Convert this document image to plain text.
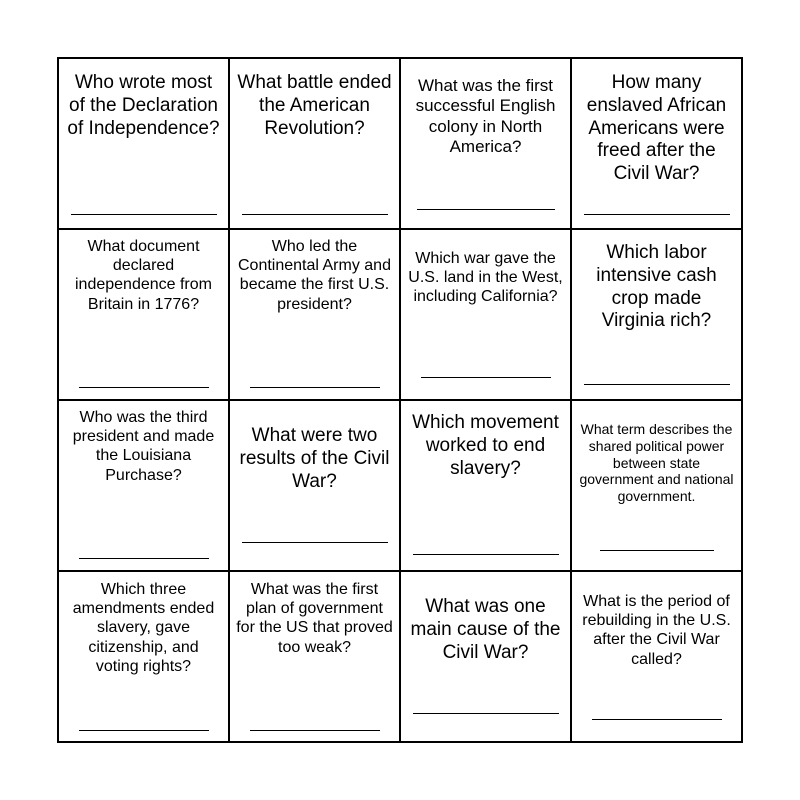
Who wrote most of the Declaration of Independence?
What battle ended the American Revolution?
What was the first successful English colony in North America?
How many enslaved African Americans were freed after the Civil War?
What document declared independence from Britain in 1776?
Who led the Continental Army and became the first U.S. president?
Which war gave the U.S. land in the West, including California?
Which labor intensive cash crop made Virginia rich?
Who was the third president and made the Louisiana Purchase?
What were two results of the Civil War?
Which movement worked to end slavery?
What term describes the shared political power between state government and national government.
Which three amendments ended slavery, gave citizenship, and voting rights?
What was the first plan of government for the US that proved too weak?
What was one main cause of the Civil War?
What is the period of rebuilding in the U.S. after the Civil War called?
